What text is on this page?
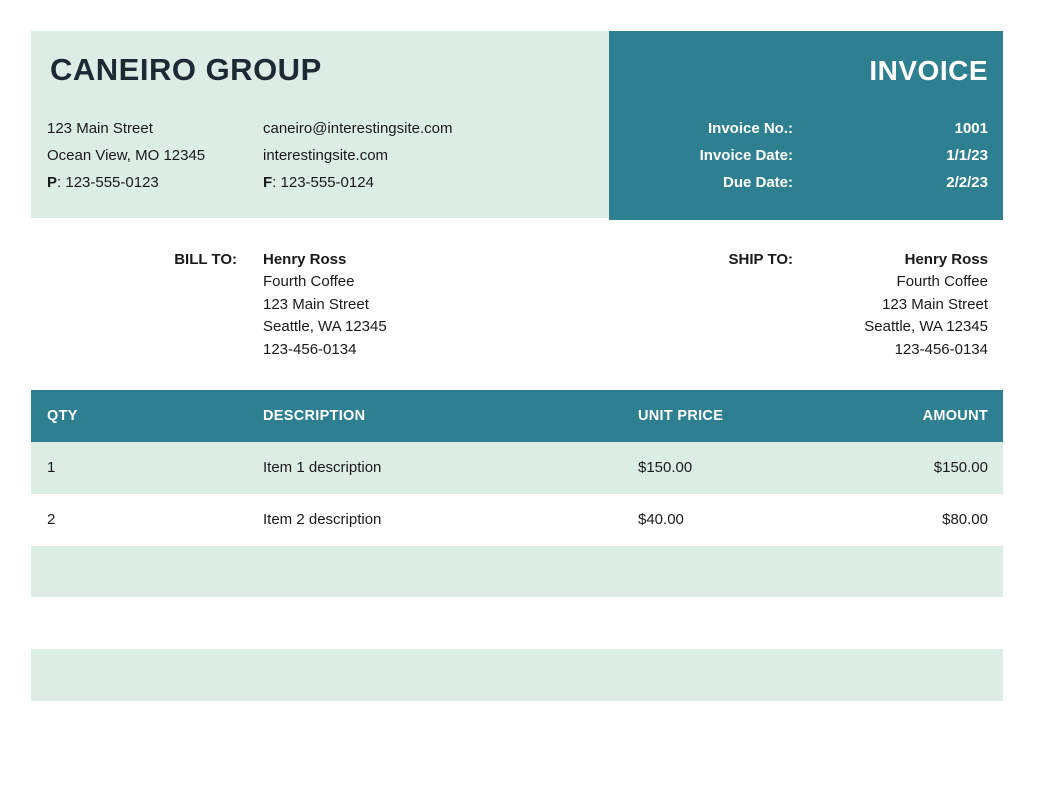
CANEIRO GROUP
123 Main Street	caneiro@interestingsite.com
Ocean View, MO 12345	interestingsite.com
P: 123-555-0123	F: 123-555-0124
INVOICE
Invoice No.:	1001
Invoice Date:	1/1/23
Due Date:	2/2/23
BILL TO: Henry Ross
Fourth Coffee
123 Main Street
Seattle, WA 12345
123-456-0134
SHIP TO:	Henry Ross
Fourth Coffee
123 Main Street
Seattle, WA 12345
123-456-0134
QTY	DESCRIPTION	UNIT PRICE	AMOUNT
1	Item 1 description	$150.00	$150.00
2	Item 2 description	$40.00	$80.00
